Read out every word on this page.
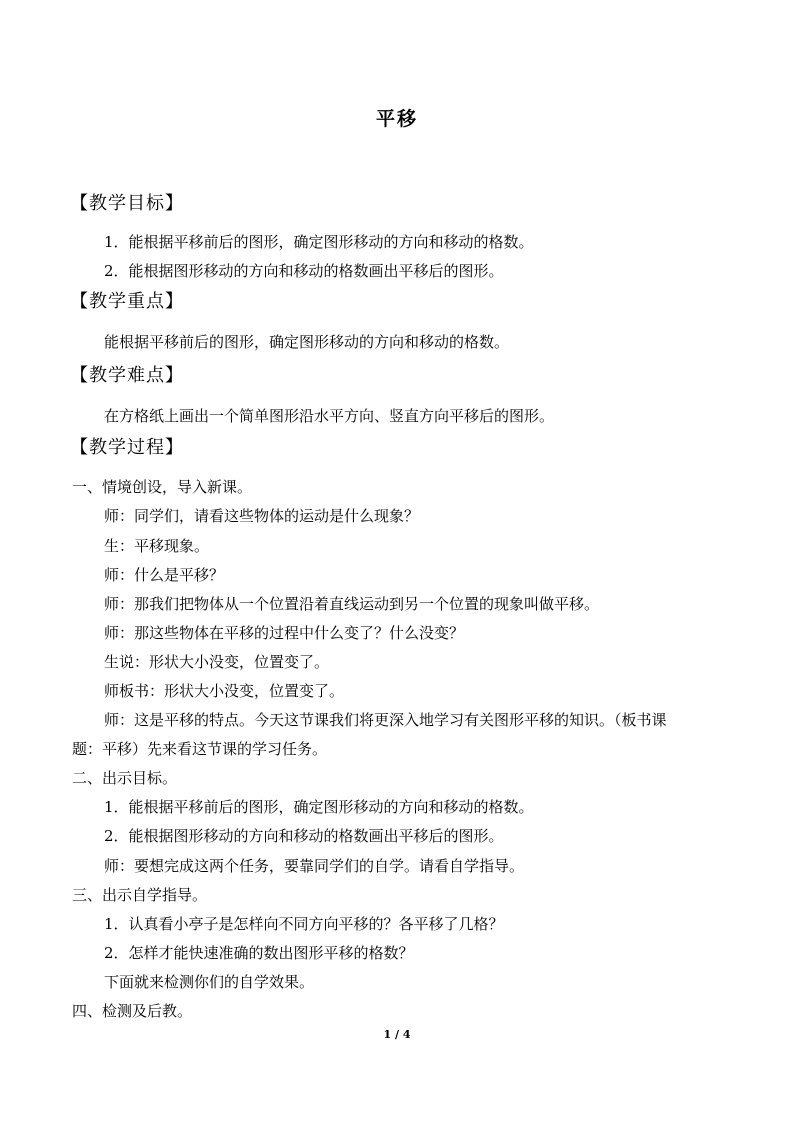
平移
【教学目标】
1．能根据平移前后的图形，确定图形移动的方向和移动的格数。
2．能根据图形移动的方向和移动的格数画出平移后的图形。
【教学重点】
能根据平移前后的图形，确定图形移动的方向和移动的格数。
【教学难点】
在方格纸上画出一个简单图形沿水平方向、竖直方向平移后的图形。
【教学过程】
一、情境创设，导入新课。
师：同学们，请看这些物体的运动是什么现象？
生：平移现象。
师：什么是平移？
师：那我们把物体从一个位置沿着直线运动到另一个位置的现象叫做平移。
师：那这些物体在平移的过程中什么变了？什么没变？
生说：形状大小没变，位置变了。
师板书：形状大小没变，位置变了。
师：这是平移的特点。今天这节课我们将更深入地学习有关图形平移的知识。（板书课
题：平移）先来看这节课的学习任务。
二、出示目标。
1．能根据平移前后的图形，确定图形移动的方向和移动的格数。
2．能根据图形移动的方向和移动的格数画出平移后的图形。
师：要想完成这两个任务，要靠同学们的自学。请看自学指导。
三、出示自学指导。
1．认真看小亭子是怎样向不同方向平移的？各平移了几格？
2．怎样才能快速准确的数出图形平移的格数？
下面就来检测你们的自学效果。
四、检测及后教。
1 / 4
